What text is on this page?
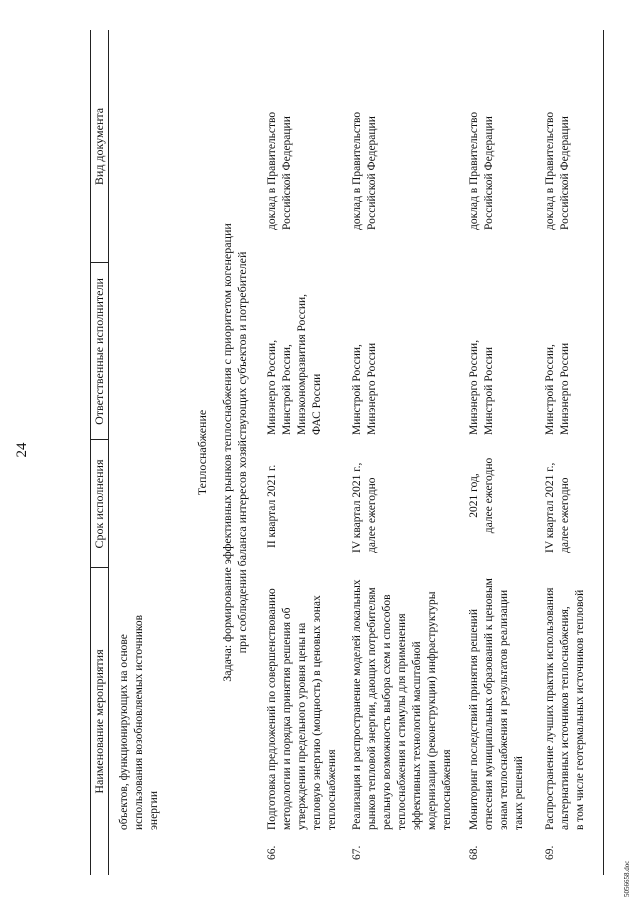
24
Наименование мероприятия
Срок исполнения
Ответственные исполнители
Вид документа
объектов, функционирующих на основе
использования возобновляемых источников
энергии
Теплоснабжение
Задача: формирование эффективных рынков теплоснабжения с приоритетом когенерации
при соблюдении баланса интересов хозяйствующих субъектов и потребителей
66.
Подготовка предложений по совершенствованию
методологии и порядка принятия решения об
утверждении предельного уровня цены на
тепловую энергию (мощность) в ценовых зонах
теплоснабжения
II квартал 2021 г.
Минэнерго России,
Минстрой России,
Минэкономразвития России,
ФАС России
доклад в Правительство
Российской Федерации
67.
Реализация и распространение моделей локальных
рынков тепловой энергии, дающих потребителям
реальную возможность выбора схем и способов
теплоснабжения и стимулы для применения
эффективных технологий масштабной
модернизации (реконструкции) инфраструктуры
теплоснабжения
IV квартал 2021 г.,
далее ежегодно
Минстрой России,
Минэнерго России
доклад в Правительство
Российской Федерации
68.
Мониторинг последствий принятия решений
отнесения муниципальных образований к ценовым
зонам теплоснабжения и результатов реализации
таких решений
2021 год,
далее ежегодно
Минэнерго России,
Минстрой России
доклад в Правительство
Российской Федерации
69.
Распространение лучших практик использования
альтернативных источников теплоснабжения,
в том числе геотермальных источников тепловой
IV квартал 2021 г.,
далее ежегодно
Минстрой России,
Минэнерго России
доклад в Правительство
Российской Федерации
5056658.doc
